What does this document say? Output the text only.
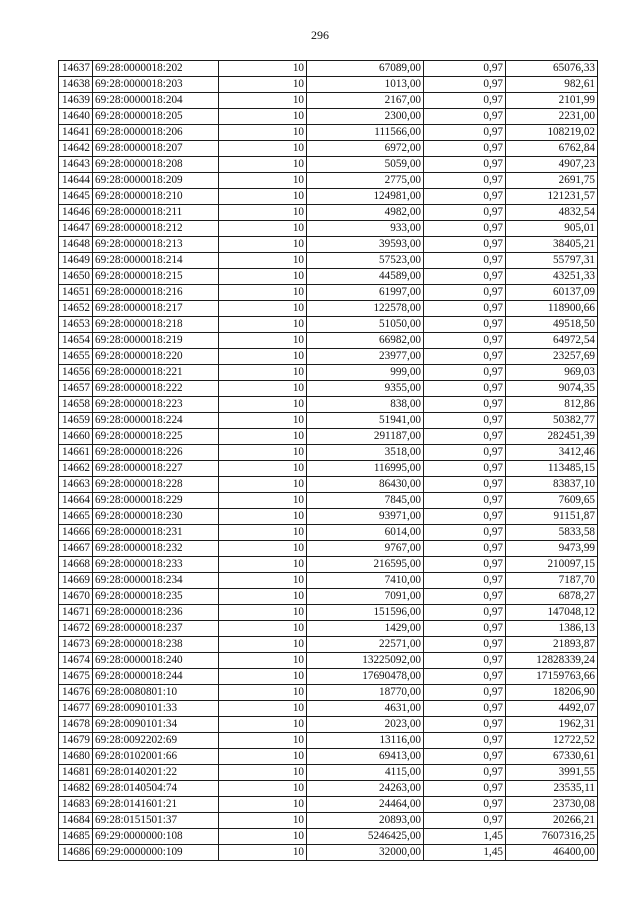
296
14637	69:28:0000018:202	10	67089,00	0,97	65076,33
14638	69:28:0000018:203	10	1013,00	0,97	982,61
14639	69:28:0000018:204	10	2167,00	0,97	2101,99
14640	69:28:0000018:205	10	2300,00	0,97	2231,00
14641	69:28:0000018:206	10	111566,00	0,97	108219,02
14642	69:28:0000018:207	10	6972,00	0,97	6762,84
14643	69:28:0000018:208	10	5059,00	0,97	4907,23
14644	69:28:0000018:209	10	2775,00	0,97	2691,75
14645	69:28:0000018:210	10	124981,00	0,97	121231,57
14646	69:28:0000018:211	10	4982,00	0,97	4832,54
14647	69:28:0000018:212	10	933,00	0,97	905,01
14648	69:28:0000018:213	10	39593,00	0,97	38405,21
14649	69:28:0000018:214	10	57523,00	0,97	55797,31
14650	69:28:0000018:215	10	44589,00	0,97	43251,33
14651	69:28:0000018:216	10	61997,00	0,97	60137,09
14652	69:28:0000018:217	10	122578,00	0,97	118900,66
14653	69:28:0000018:218	10	51050,00	0,97	49518,50
14654	69:28:0000018:219	10	66982,00	0,97	64972,54
14655	69:28:0000018:220	10	23977,00	0,97	23257,69
14656	69:28:0000018:221	10	999,00	0,97	969,03
14657	69:28:0000018:222	10	9355,00	0,97	9074,35
14658	69:28:0000018:223	10	838,00	0,97	812,86
14659	69:28:0000018:224	10	51941,00	0,97	50382,77
14660	69:28:0000018:225	10	291187,00	0,97	282451,39
14661	69:28:0000018:226	10	3518,00	0,97	3412,46
14662	69:28:0000018:227	10	116995,00	0,97	113485,15
14663	69:28:0000018:228	10	86430,00	0,97	83837,10
14664	69:28:0000018:229	10	7845,00	0,97	7609,65
14665	69:28:0000018:230	10	93971,00	0,97	91151,87
14666	69:28:0000018:231	10	6014,00	0,97	5833,58
14667	69:28:0000018:232	10	9767,00	0,97	9473,99
14668	69:28:0000018:233	10	216595,00	0,97	210097,15
14669	69:28:0000018:234	10	7410,00	0,97	7187,70
14670	69:28:0000018:235	10	7091,00	0,97	6878,27
14671	69:28:0000018:236	10	151596,00	0,97	147048,12
14672	69:28:0000018:237	10	1429,00	0,97	1386,13
14673	69:28:0000018:238	10	22571,00	0,97	21893,87
14674	69:28:0000018:240	10	13225092,00	0,97	12828339,24
14675	69:28:0000018:244	10	17690478,00	0,97	17159763,66
14676	69:28:0080801:10	10	18770,00	0,97	18206,90
14677	69:28:0090101:33	10	4631,00	0,97	4492,07
14678	69:28:0090101:34	10	2023,00	0,97	1962,31
14679	69:28:0092202:69	10	13116,00	0,97	12722,52
14680	69:28:0102001:66	10	69413,00	0,97	67330,61
14681	69:28:0140201:22	10	4115,00	0,97	3991,55
14682	69:28:0140504:74	10	24263,00	0,97	23535,11
14683	69:28:0141601:21	10	24464,00	0,97	23730,08
14684	69:28:0151501:37	10	20893,00	0,97	20266,21
14685	69:29:0000000:108	10	5246425,00	1,45	7607316,25
14686	69:29:0000000:109	10	32000,00	1,45	46400,00
